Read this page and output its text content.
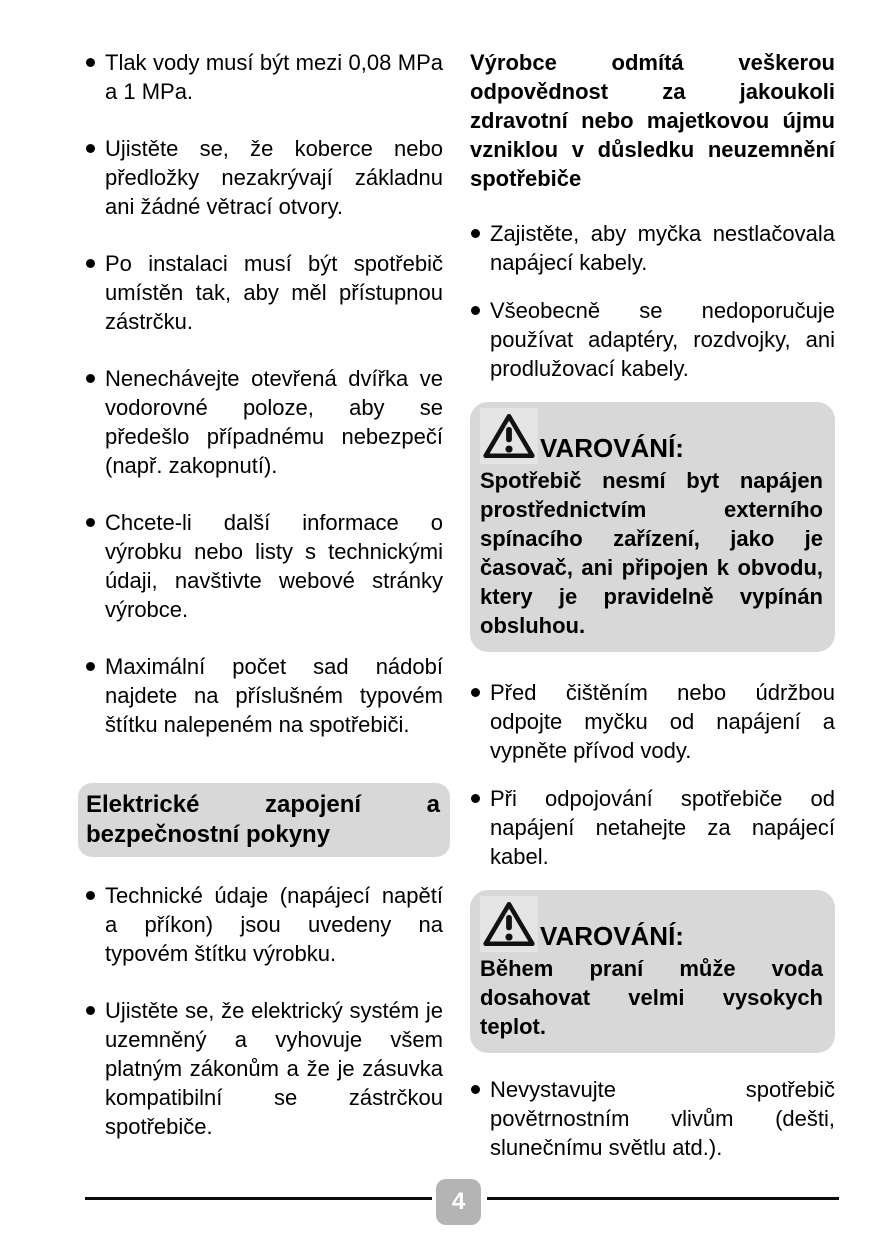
Tlak vody musí být mezi 0,08 MPa a 1 MPa.
Ujistěte se, že koberce nebo předložky nezakrývají základnu ani žádné větrací otvory.
Po instalaci musí být spotřebič umístěn tak, aby měl přístupnou zástrčku.
Nenechávejte otevřená dvířka ve vodorovné poloze, aby se předešlo případnému nebezpečí (např. zakopnutí).
Chcete-li další informace o výrobku nebo listy s technickými údaji, navštivte webové stránky výrobce.
Maximální počet sad nádobí najdete na příslušném typovém štítku nalepeném na spotřebiči.
Elektrické zapojení a bezpečnostní pokyny
Technické údaje (napájecí napětí a příkon) jsou uvedeny na typovém štítku výrobku.
Ujistěte se, že elektrický systém je uzemněný a vyhovuje všem platným zákonům a že je zásuvka kompatibilní se zástrčkou spotřebiče.
Výrobce odmítá veškerou odpovědnost za jakoukoli zdravotní nebo majetkovou újmu vzniklou v důsledku neuzemnění spotřebiče
Zajistěte, aby myčka nestlačovala napájecí kabely.
Všeobecně se nedoporučuje používat adaptéry, rozdvojky, ani prodlužovací kabely.
VAROVÁNÍ:
Spotřebič nesmí byt napájen prostřednictvím externího spínacího zařízení, jako je časovač, ani připojen k obvodu, ktery je pravidelně vypínán obsluhou.
Před čištěním nebo údržbou odpojte myčku od napájení a vypněte přívod vody.
Při odpojování spotřebiče od napájení netahejte za napájecí kabel.
VAROVÁNÍ:
Během praní může voda dosahovat velmi vysokych teplot.
Nevystavujte spotřebič povětrnostním vlivům (dešti, slunečnímu světlu atd.).
4
